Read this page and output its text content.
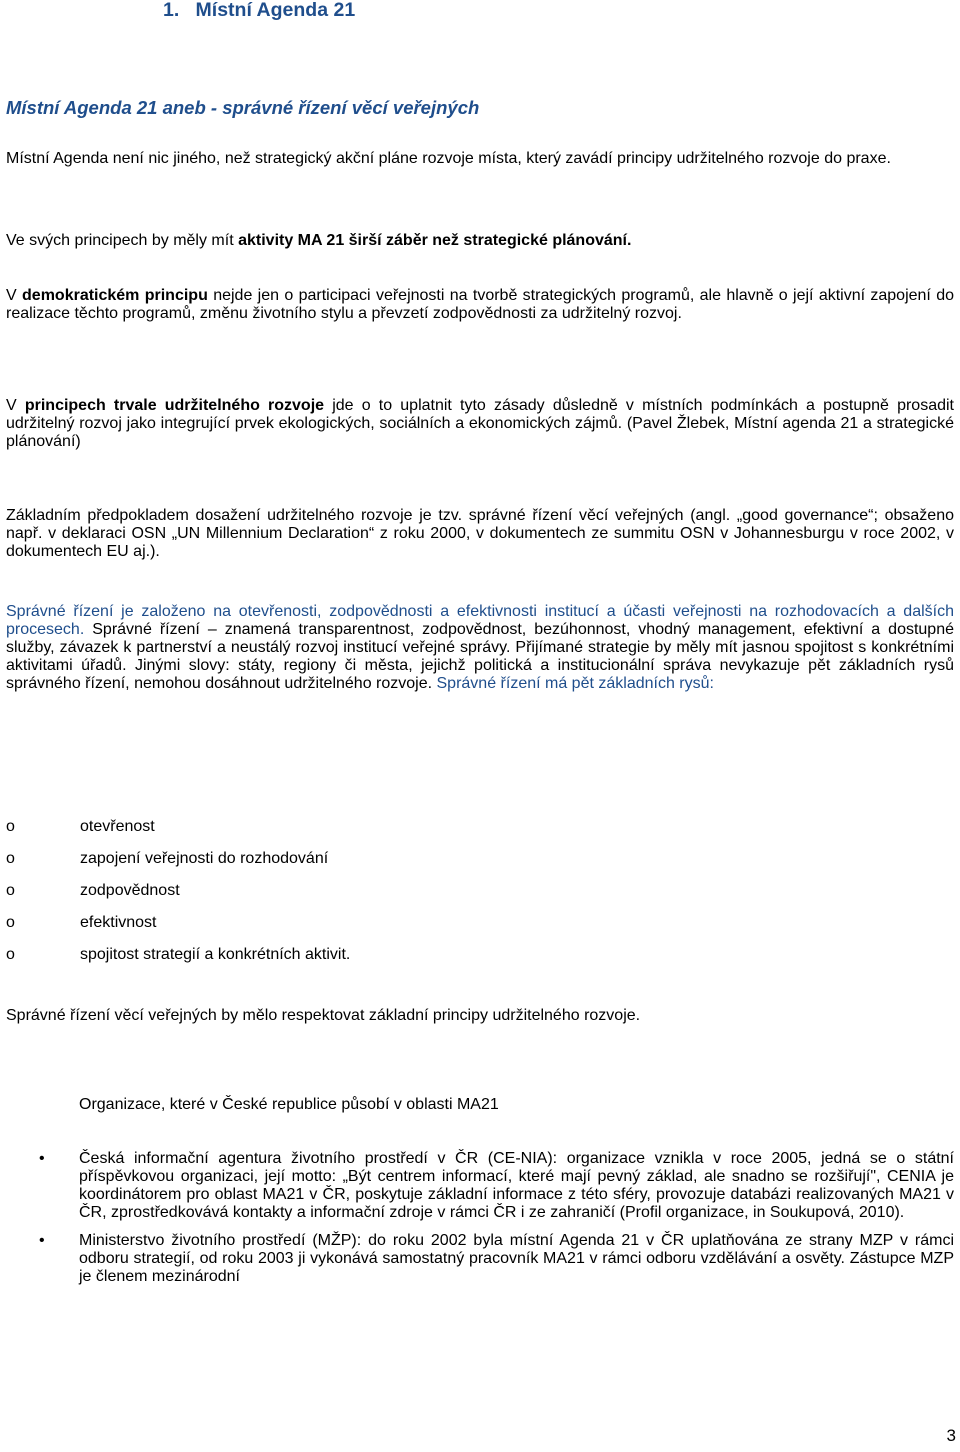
1. Místní Agenda 21
Místní Agenda 21 aneb - správné řízení věcí veřejných
Místní Agenda není nic jiného, než strategický akční pláne rozvoje místa, který zavádí principy udržitelného rozvoje do praxe.
Ve svých principech by měly mít aktivity MA 21 širší záběr než strategické plánování.
V demokratickém principu nejde jen o participaci veřejnosti na tvorbě strategických programů, ale hlavně o její aktivní zapojení do realizace těchto programů, změnu životního stylu a převzetí zodpovědnosti za udržitelný rozvoj.
V principech trvale udržitelného rozvoje jde o to uplatnit tyto zásady důsledně v místních podmínkách a postupně prosadit udržitelný rozvoj jako integrující prvek ekologických, sociálních a ekonomických zájmů. (Pavel Žlebek, Místní agenda 21 a strategické plánování)
Základním předpokladem dosažení udržitelného rozvoje je tzv. správné řízení věcí veřejných (angl. „good governance“; obsaženo např. v deklaraci OSN „UN Millennium Declaration“ z roku 2000, v dokumentech ze summitu OSN v Johannesburgu v roce 2002, v dokumentech EU aj.).
Správné řízení je založeno na otevřenosti, zodpovědnosti a efektivnosti institucí a účasti veřejnosti na rozhodovacích a dalších procesech. Správné řízení – znamená transparentnost, zodpovědnost, bezúhonnost, vhodný management, efektivní a dostupné služby, závazek k partnerství a neustálý rozvoj institucí veřejné správy. Přijímané strategie by měly mít jasnou spojitost s konkrétními aktivitami úřadů. Jinými slovy: státy, regiony či města, jejichž politická a institucionální správa nevykazuje pět základních rysů správného řízení, nemohou dosáhnout udržitelného rozvoje. Správné řízení má pět základních rysů:
o	otevřenost
o	zapojení veřejnosti do rozhodování
o	zodpovědnost
o	efektivnost
o	spojitost strategií a konkrétních aktivit.
Správné řízení věcí veřejných by mělo respektovat základní principy udržitelného rozvoje.
Organizace, které v České republice působí v oblasti MA21
• Česká informační agentura životního prostředí v ČR (CE-NIA): organizace vznikla v roce 2005, jedná se o státní příspěvkovou organizaci, její motto: „Být centrem informací, které mají pevný základ, ale snadno se rozšiřují", CENIA je koordinátorem pro oblast MA21 v ČR, poskytuje základní informace z této sféry, provozuje databázi realizovaných MA21 v ČR, zprostředkovává kontakty a informační zdroje v rámci ČR i ze zahraničí (Profil organizace, in Soukupová, 2010).
• Ministerstvo životního prostředí (MŽP): do roku 2002 byla místní Agenda 21 v ČR uplatňována ze strany MZP v rámci odboru strategií, od roku 2003 ji vykonává samostatný pracovník MA21 v rámci odboru vzdělávání a osvěty. Zástupce MZP je členem mezinárodní
3
